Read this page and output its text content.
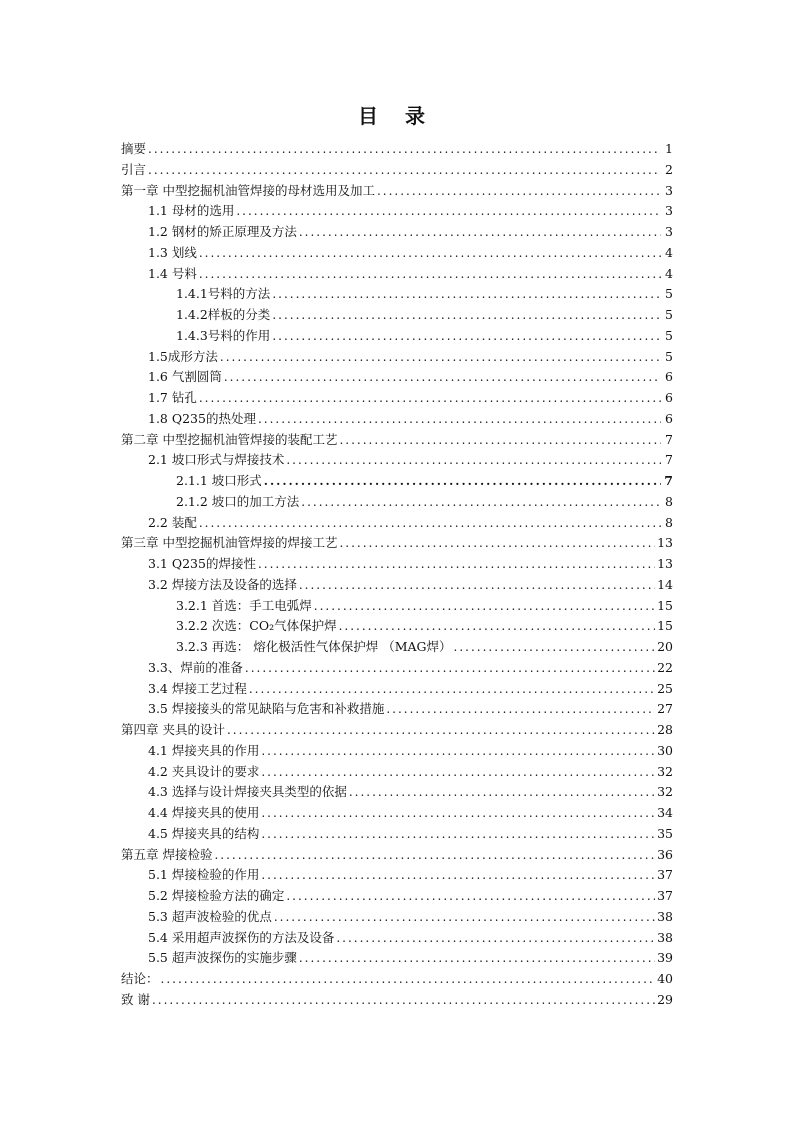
目 录
摘要 .....	1
引言 .....	2
第一章 中型挖掘机油管焊接的母材选用及加工 .....	3
1.1 母材的选用 .....	3
1.2 钢材的矫正原理及方法 .....	3
1.3 划线 .....	4
1.4 号料 .....	4
1.4.1号料的方法 .....	5
1.4.2样板的分类 .....	5
1.4.3号料的作用 .....	5
1.5成形方法 .....	5
1.6 气割圆筒 .....	6
1.7 钻孔 .....	6
1.8 Q235的热处理 .....	6
第二章 中型挖掘机油管焊接的装配工艺 .....	7
2.1 坡口形式与焊接技术 .....	7
2.1.1 坡口形式 .....	7
2.1.2 坡口的加工方法 .....	8
2.2 装配 .....	8
第三章 中型挖掘机油管焊接的焊接工艺 .....	13
3.1 Q235的焊接性 .....	13
3.2 焊接方法及设备的选择 .....	14
3.2.1 首选：手工电弧焊 .....	15
3.2.2 次选：CO₂气体保护焊 .....	15
3.2.3 再选： 熔化极活性气体保护焊 （MAG焊） .....	20
3.3、焊前的准备 .....	22
3.4 焊接工艺过程 .....	25
3.5 焊接接头的常见缺陷与危害和补救措施 .....	27
第四章 夹具的设计 .....	28
4.1 焊接夹具的作用 .....	30
4.2 夹具设计的要求 .....	32
4.3 选择与设计焊接夹具类型的依据 .....	32
4.4 焊接夹具的使用 .....	34
4.5 焊接夹具的结构 .....	35
第五章 焊接检验 .....	36
5.1 焊接检验的作用 .....	37
5.2 焊接检验方法的确定 .....	37
5.3 超声波检验的优点 .....	38
5.4 采用超声波探伤的方法及设备 .....	38
5.5 超声波探伤的实施步骤 .....	39
结论： .....	40
致 谢 .....	29
